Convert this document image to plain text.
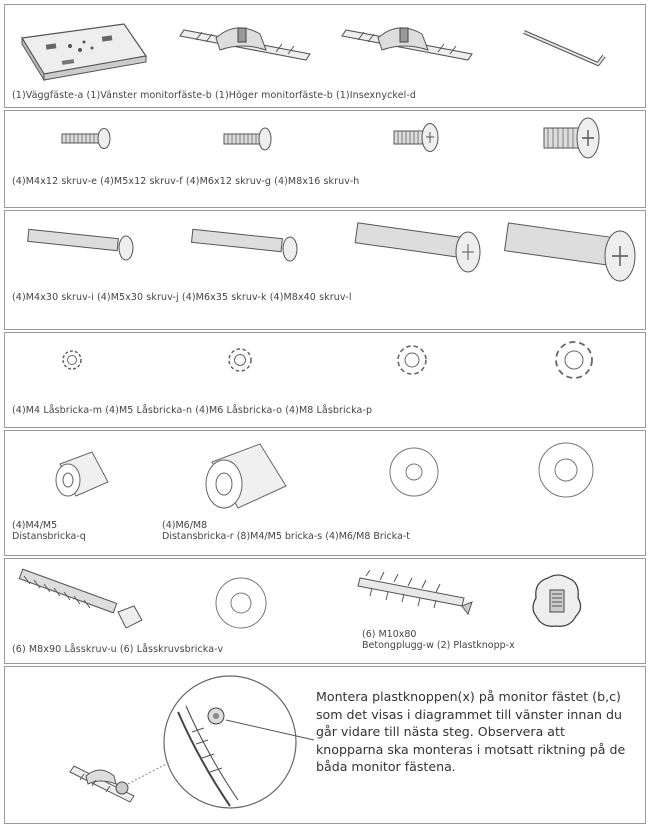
(1)Väggfäste-a (1)Vänster monitorfäste-b (1)Höger monitorfäste-b (1)Insexnyckel-d
(4)M4x12 skruv-e (4)M5x12 skruv-f (4)M6x12 skruv-g (4)M8x16 skruv-h
(4)M4x30 skruv-i (4)M5x30 skruv-j (4)M6x35 skruv-k (4)M8x40 skruv-l
(4)M4 Låsbricka-m (4)M5 Låsbricka-n (4)M6 Låsbricka-o (4)M8 Låsbricka-p
(4)M4/M5
Distansbricka-q
(4)M6/M8
Distansbricka-r (8)M4/M5 bricka-s (4)M6/M8 Bricka-t
(6) M8x90 Låsskruv-u (6) Låsskruvsbricka-v
(6) M10x80
Betongplugg-w (2) Plastknopp-x
Montera plastknoppen(x) på monitor fästet (b,c) som det visas i diagrammet till vänster innan du går vidare till nästa steg. Observera att knopparna ska monteras i motsatt riktning på de båda monitor fästena.
